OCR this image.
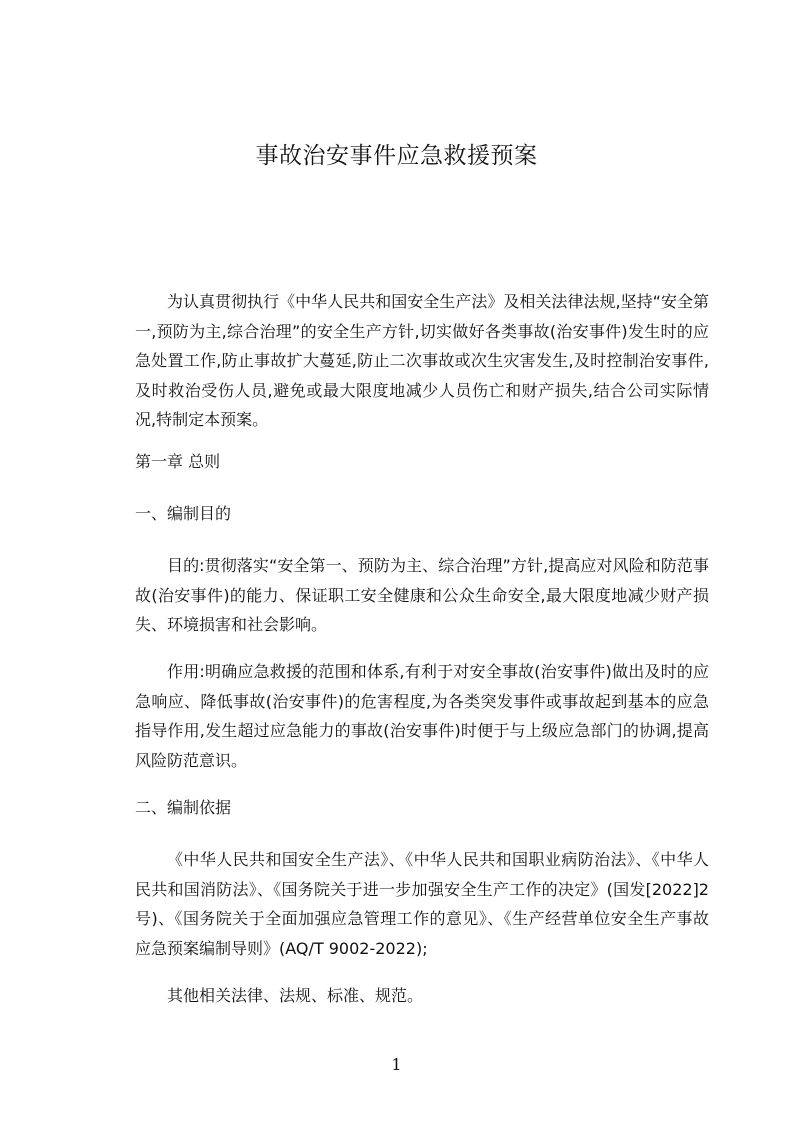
事故治安事件应急救援预案

为认真贯彻执行《中华人民共和国安全生产法》及相关法律法规,坚持“安全第一,预防为主,综合治理”的安全生产方针,切实做好各类事故(治安事件)发生时的应急处置工作,防止事故扩大蔓延,防止二次事故或次生灾害发生,及时控制治安事件,及时救治受伤人员,避免或最大限度地减少人员伤亡和财产损失,结合公司实际情况,特制定本预案。

第一章 总则

一、编制目的

目的:贯彻落实“安全第一、预防为主、综合治理”方针,提高应对风险和防范事故(治安事件)的能力、保证职工安全健康和公众生命安全,最大限度地减少财产损失、环境损害和社会影响。

作用:明确应急救援的范围和体系,有利于对安全事故(治安事件)做出及时的应急响应、降低事故(治安事件)的危害程度,为各类突发事件或事故起到基本的应急指导作用,发生超过应急能力的事故(治安事件)时便于与上级应急部门的协调,提高风险防范意识。

二、编制依据

《中华人民共和国安全生产法》、《中华人民共和国职业病防治法》、《中华人民共和国消防法》、《国务院关于进一步加强安全生产工作的决定》(国发[2022]2号)、《国务院关于全面加强应急管理工作的意见》、《生产经营单位安全生产事故应急预案编制导则》(AQ/T 9002-2022);

其他相关法律、法规、标准、规范。

1
